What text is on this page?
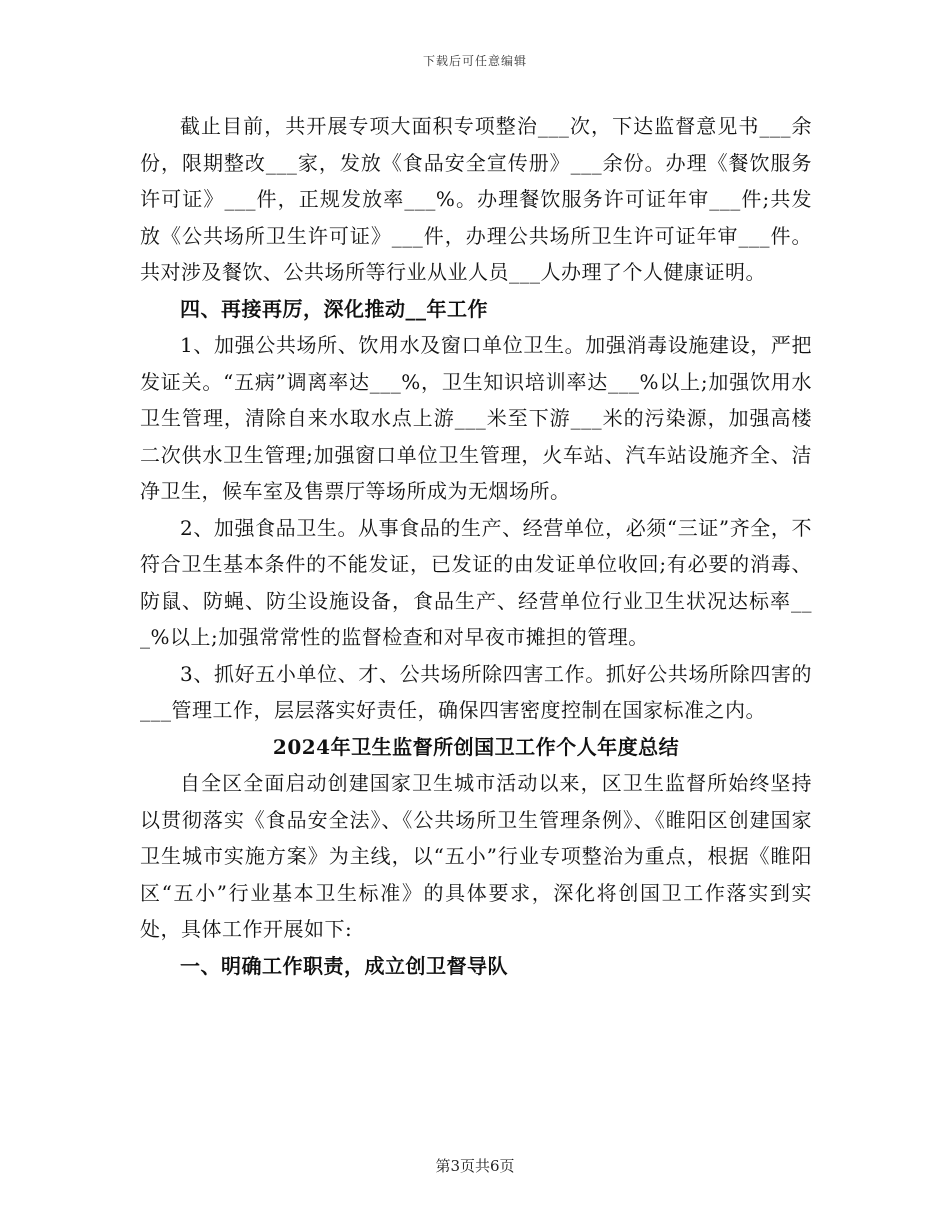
下载后可任意编辑

截止目前，共开展专项大面积专项整治___次，下达监督意见书___余份，限期整改___家，发放《食品安全宣传册》___余份。办理《餐饮服务许可证》___件，正规发放率___%。办理餐饮服务许可证年审___件;共发放《公共场所卫生许可证》___件，办理公共场所卫生许可证年审___件。共对涉及餐饮、公共场所等行业从业人员___人办理了个人健康证明。

四、再接再厉，深化推动__年工作

1、加强公共场所、饮用水及窗口单位卫生。加强消毒设施建设，严把发证关。“五病”调离率达___%，卫生知识培训率达___%以上;加强饮用水卫生管理，清除自来水取水点上游___米至下游___米的污染源，加强高楼二次供水卫生管理;加强窗口单位卫生管理，火车站、汽车站设施齐全、洁净卫生，候车室及售票厅等场所成为无烟场所。

2、加强食品卫生。从事食品的生产、经营单位，必须“三证”齐全，不符合卫生基本条件的不能发证，已发证的由发证单位收回;有必要的消毒、防鼠、防蝇、防尘设施设备，食品生产、经营单位行业卫生状况达标率___%以上;加强常常性的监督检查和对早夜市摊担的管理。

3、抓好五小单位、才、公共场所除四害工作。抓好公共场所除四害的___管理工作，层层落实好责任，确保四害密度控制在国家标准之内。

2024年卫生监督所创国卫工作个人年度总结

自全区全面启动创建国家卫生城市活动以来，区卫生监督所始终坚持以贯彻落实《食品安全法》、《公共场所卫生管理条例》、《睢阳区创建国家卫生城市实施方案》为主线，以“五小”行业专项整治为重点，根据《睢阳区“五小”行业基本卫生标准》的具体要求，深化将创国卫工作落实到实处，具体工作开展如下:

一、明确工作职责，成立创卫督导队

第3页共6页
